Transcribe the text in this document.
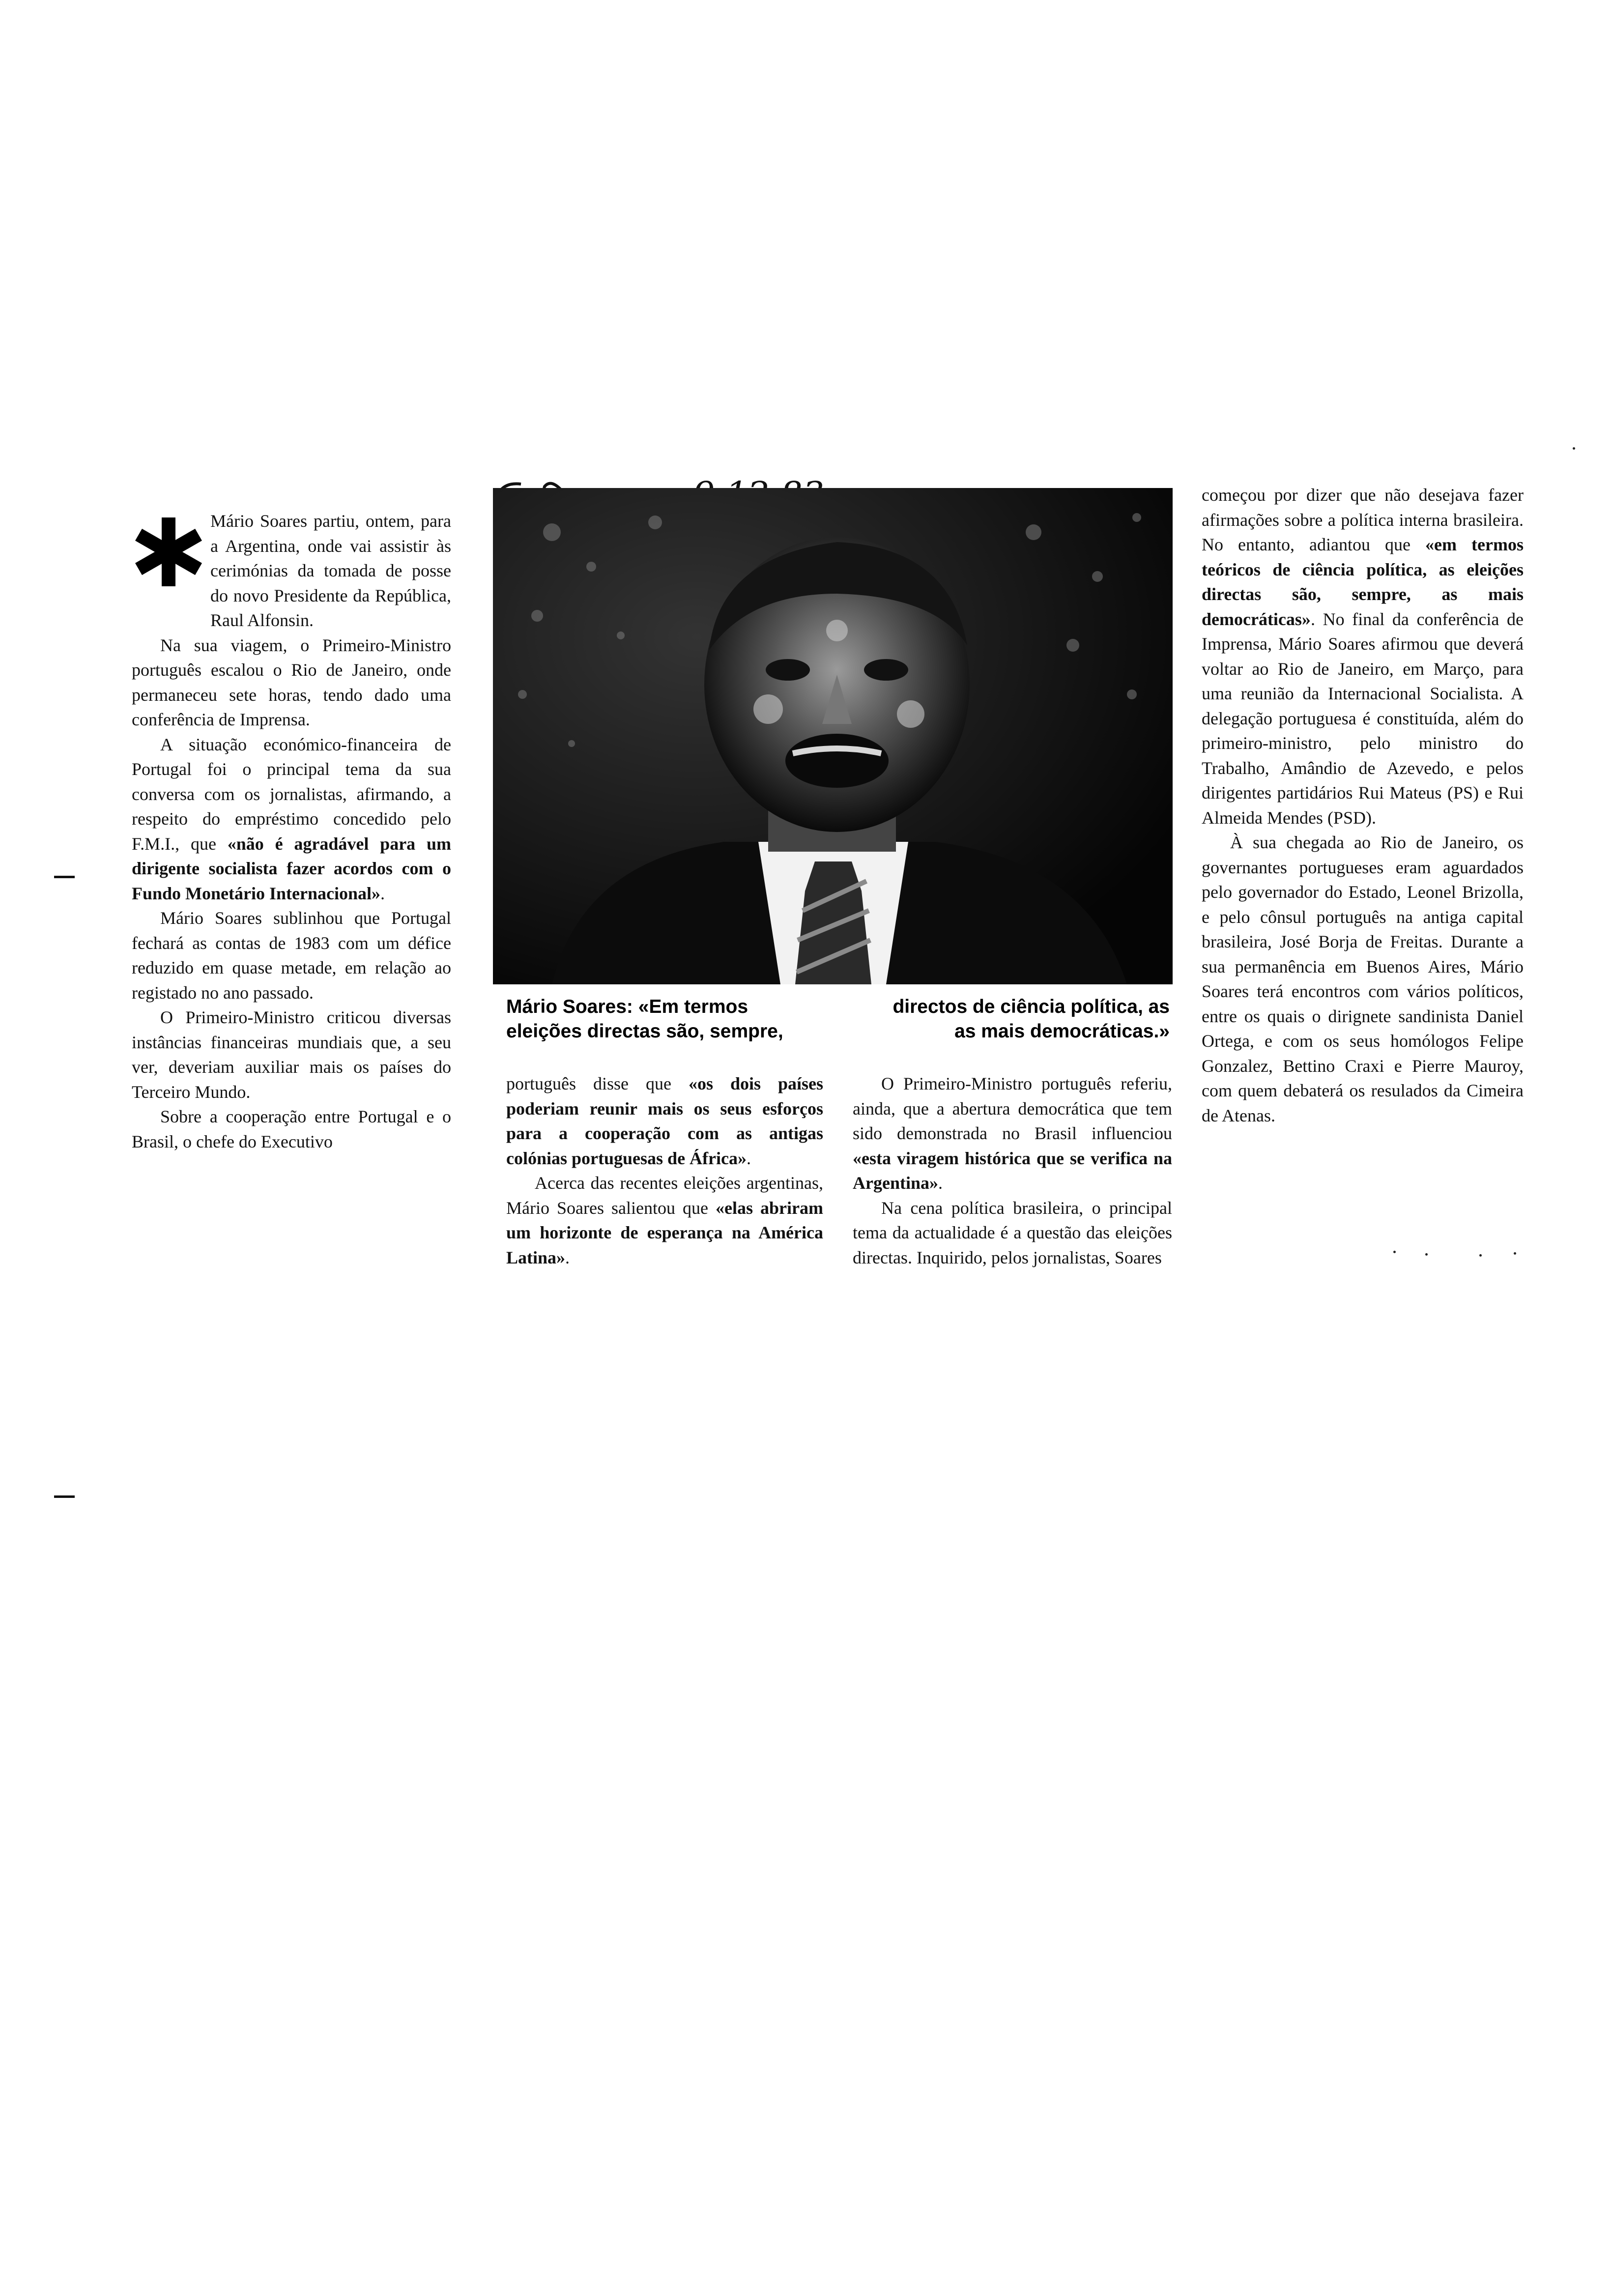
Mário Soares: «Em termos	directos de ciência política, as
eleições directas são, sempre,	as mais democráticas.»

Mário Soares partiu, ontem, para a Argentina, onde vai assistir às cerimónias da tomada de posse do novo Presidente da República, Raul Alfonsin.

Na sua viagem, o Primeiro-Ministro português escalou o Rio de Janeiro, onde permaneceu sete horas, tendo dado uma conferência de Imprensa.

A situação económico-financeira de Portugal foi o principal tema da sua conversa com os jornalistas, afirmando, a respeito do empréstimo concedido pelo F.M.I., que «não é agradável para um dirigente socialista fazer acordos com o Fundo Monetário Internacional».

Mário Soares sublinhou que Portugal fechará as contas de 1983 com um défice reduzido em quase metade, em relação ao registado no ano passado.

O Primeiro-Ministro criticou diversas instâncias financeiras mundiais que, a seu ver, deveriam auxiliar mais os países do Terceiro Mundo.

Sobre a cooperação entre Portugal e o Brasil, o chefe do Executivo

português disse que «os dois países poderiam reunir mais os seus esforços para a cooperação com as antigas colónias portuguesas de África».

Acerca das recentes eleições argentinas, Mário Soares salientou que «elas abriram um horizonte de esperança na América Latina».

O Primeiro-Ministro português referiu, ainda, que a abertura democrática que tem sido demonstrada no Brasil influenciou «esta viragem histórica que se verifica na Argentina».

Na cena política brasileira, o principal tema da actualidade é a questão das eleições directas. Inquirido, pelos jornalistas, Soares

começou por dizer que não desejava fazer afirmações sobre a política interna brasileira. No entanto, adiantou que «em termos teóricos de ciência política, as eleições directas são, sempre, as mais democráticas». No final da conferência de Imprensa, Mário Soares afirmou que deverá voltar ao Rio de Janeiro, em Março, para uma reunião da Internacional Socialista. A delegação portuguesa é constituída, além do primeiro-ministro, pelo ministro do Trabalho, Amândio de Azevedo, e pelos dirigentes partidários Rui Mateus (PS) e Rui Almeida Mendes (PSD).

À sua chegada ao Rio de Janeiro, os governantes portugueses eram aguardados pelo governador do Estado, Leonel Brizolla, e pelo cônsul português na antiga capital brasileira, José Borja de Freitas. Durante a sua permanência em Buenos Aires, Mário Soares terá encontros com vários políticos, entre os quais o dirignete sandinista Daniel Ortega, e com os seus homólogos Felipe Gonzalez, Bettino Craxi e Pierre Mauroy, com quem debaterá os resulados da Cimeira de Atenas.
